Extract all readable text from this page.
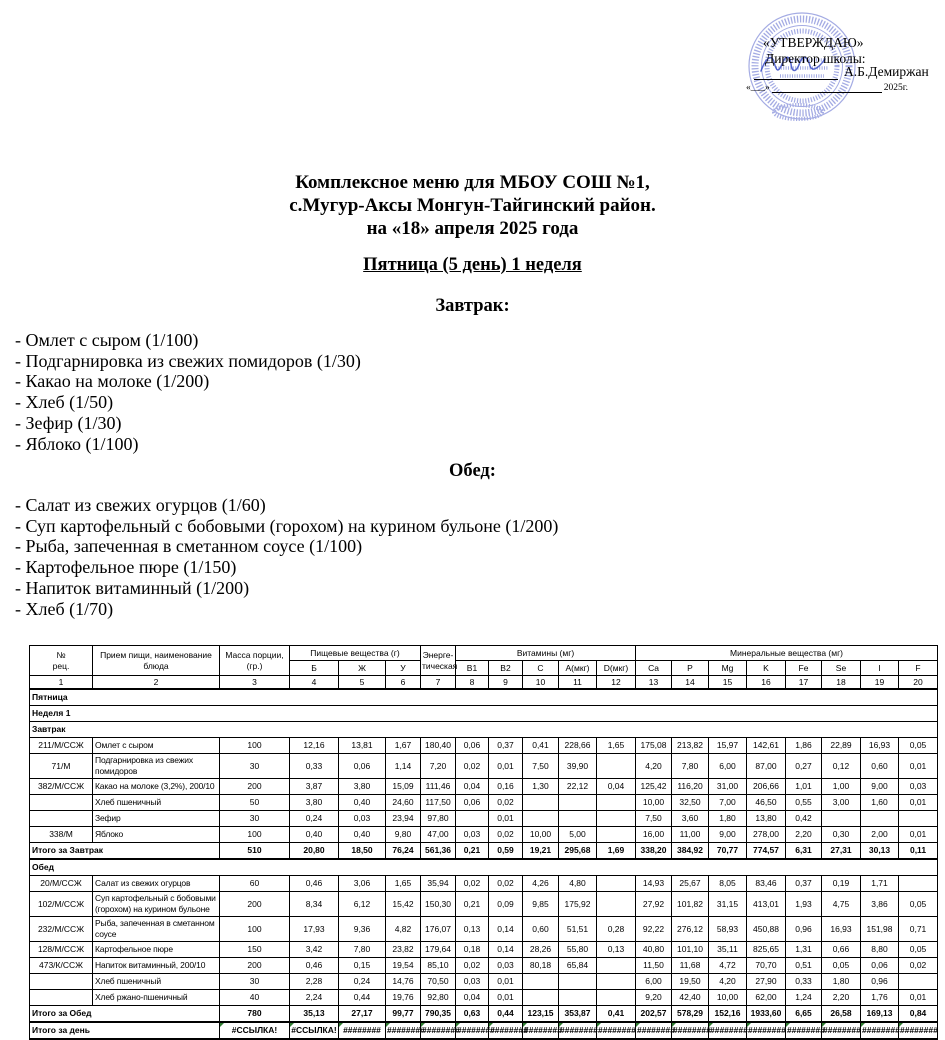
«УТВЕРЖДАЮ»
Директор школы:
А.Б.Демиржан
«___»	2025г.
Комплексное меню для МБОУ СОШ №1,
с.Мугур-Аксы Монгун-Тайгинский район.
на «18» апреля 2025 года
Пятница (5 день) 1 неделя
Завтрак:
- Омлет с сыром (1/100)
- Подгарнировка из свежих помидоров (1/30)
- Какао на молоке (1/200)
- Хлеб (1/50)
- Зефир (1/30)
- Яблоко (1/100)
Обед:
- Салат из свежих огурцов (1/60)
- Суп картофельный с бобовыми (горохом) на курином бульоне (1/200)
- Рыба, запеченная в сметанном соусе (1/100)
- Картофельное пюре (1/150)
- Напиток витаминный (1/200)
- Хлеб (1/70)
№
рец.

Прием пищи, наименование
блюда

Масса порции,
(гр.)
	Пищевые вещества (г)	Энерге-
тическая
	Витамины (мг)	Минеральные вещества (мг)
			Б	Ж	У		В1	В2	С	А(мкг)	D(мкг)	Ca	P	Mg	K	Fe	Se	I	F
1	2	3	4	5	6	7	8	9	10	11	12	13	14	15	16	17	18	19	20
Пятница																			
Неделя 1																			
Завтрак																			
211/М/ССЖ	Омлет с сыром	100	12,16	13,81	1,67	180,40	0,06	0,37	0,41	228,66	1,65	175,08	213,82	15,97	142,61	1,86	22,89	16,93	0,05
71/М	Подгарнировка из свежих помидоров	30	0,33	0,06	1,14	7,20	0,02	0,01	7,50	39,90		4,20	7,80	6,00	87,00	0,27	0,12	0,60	0,01
382/М/ССЖ	Какао на молоке (3,2%), 200/10	200	3,87	3,80	15,09	111,46	0,04	0,16	1,30	22,12	0,04	125,42	116,20	31,00	206,66	1,01	1,00	9,00	0,03
	Хлеб пшеничный	50	3,80	0,40	24,60	117,50	0,06	0,02				10,00	32,50	7,00	46,50	0,55	3,00	1,60	0,01
	Зефир	30	0,24	0,03	23,94	97,80		0,01				7,50	3,60	1,80	13,80	0,42			
338/М	Яблоко	100	0,40	0,40	9,80	47,00	0,03	0,02	10,00	5,00		16,00	11,00	9,00	278,00	2,20	0,30	2,00	0,01
Итого за Завтрак		510	20,80	18,50	76,24	561,36	0,21	0,59	19,21	295,68	1,69	338,20	384,92	70,77	774,57	6,31	27,31	30,13	0,11
Обед																			
20/М/ССЖ	Салат из свежих огурцов	60	0,46	3,06	1,65	35,94	0,02	0,02	4,26	4,80		14,93	25,67	8,05	83,46	0,37	0,19	1,71	
102/М/ССЖ	Суп картофельный с бобовыми (горохом) на курином бульоне	200	8,34	6,12	15,42	150,30	0,21	0,09	9,85	175,92		27,92	101,82	31,15	413,01	1,93	4,75	3,86	0,05
232/М/ССЖ	Рыба, запеченная в сметанном соусе	100	17,93	9,36	4,82	176,07	0,13	0,14	0,60	51,51	0,28	92,22	276,12	58,93	450,88	0,96	16,93	151,98	0,71
128/М/ССЖ	Картофельное пюре	150	3,42	7,80	23,82	179,64	0,18	0,14	28,26	55,80	0,13	40,80	101,10	35,11	825,65	1,31	0,66	8,80	0,05
473/К/ССЖ	Напиток витаминный, 200/10	200	0,46	0,15	19,54	85,10	0,02	0,03	80,18	65,84		11,50	11,68	4,72	70,70	0,51	0,05	0,06	0,02
	Хлеб пшеничный	30	2,28	0,24	14,76	70,50	0,03	0,01				6,00	19,50	4,20	27,90	0,33	1,80	0,96	
	Хлеб ржано-пшеничный	40	2,24	0,44	19,76	92,80	0,04	0,01				9,20	42,40	10,00	62,00	1,24	2,20	1,76	0,01
Итого за Обед		780	35,13	27,17	99,77	790,35	0,63	0,44	123,15	353,87	0,41	202,57	578,29	152,16	1933,60	6,65	26,58	169,13	0,84
Итого за день		#ССЫЛКА!	#ССЫЛКА!	########	########	########	########	########	########	########	########	########	########	########	########	########	########	########	########
